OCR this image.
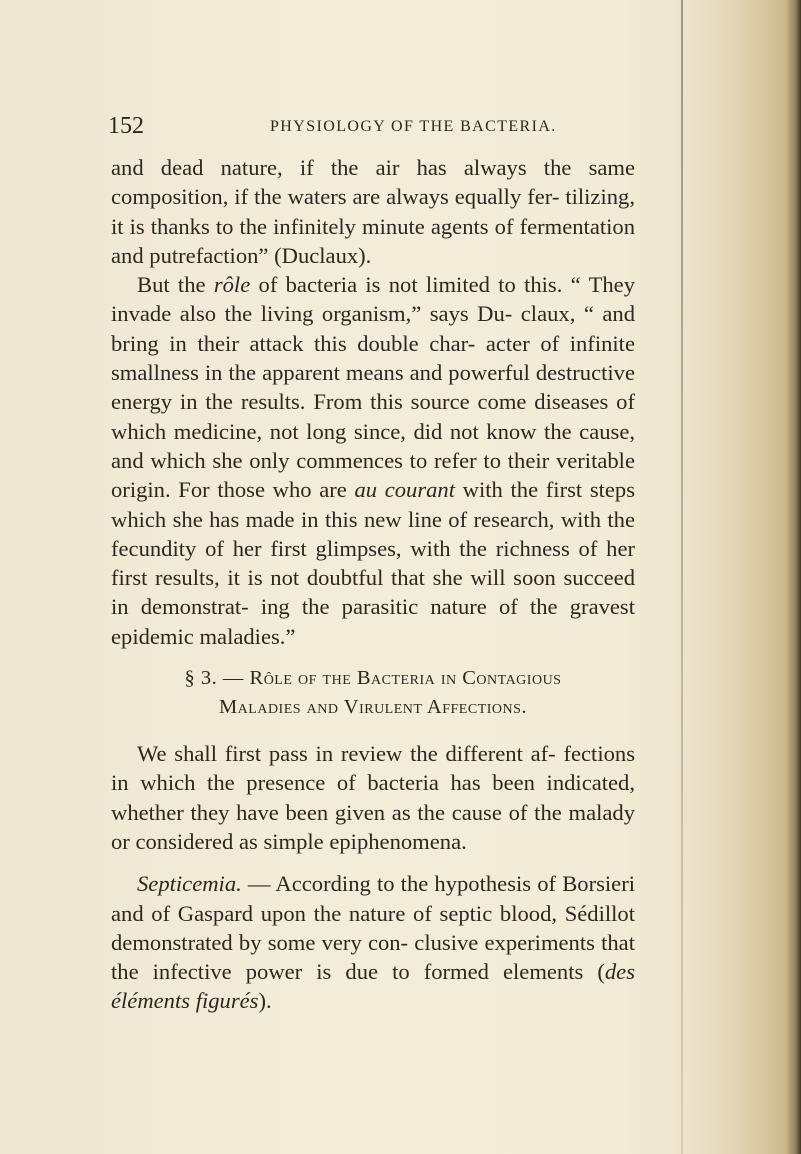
152	PHYSIOLOGY OF THE BACTERIA.

and dead nature, if the air has always the same composition, if the waters are always equally fer- tilizing, it is thanks to the infinitely minute agents of fermentation and putrefaction” (Duclaux).

But the rôle of bacteria is not limited to this. “ They invade also the living organism,” says Du- claux, “ and bring in their attack this double char- acter of infinite smallness in the apparent means and powerful destructive energy in the results. From this source come diseases of which medicine, not long since, did not know the cause, and which she only commences to refer to their veritable origin. For those who are au courant with the first steps which she has made in this new line of research, with the fecundity of her first glimpses, with the richness of her first results, it is not doubtful that she will soon succeed in demonstrat- ing the parasitic nature of the gravest epidemic maladies.”

§ 3. — Rôle of the Bacteria in Contagious
Maladies and Virulent Affections.

We shall first pass in review the different af- fections in which the presence of bacteria has been indicated, whether they have been given as the cause of the malady or considered as simple epiphenomena.

Septicemia. — According to the hypothesis of Borsieri and of Gaspard upon the nature of septic blood, Sédillot demonstrated by some very con- clusive experiments that the infective power is due to formed elements (des éléments figurés).
